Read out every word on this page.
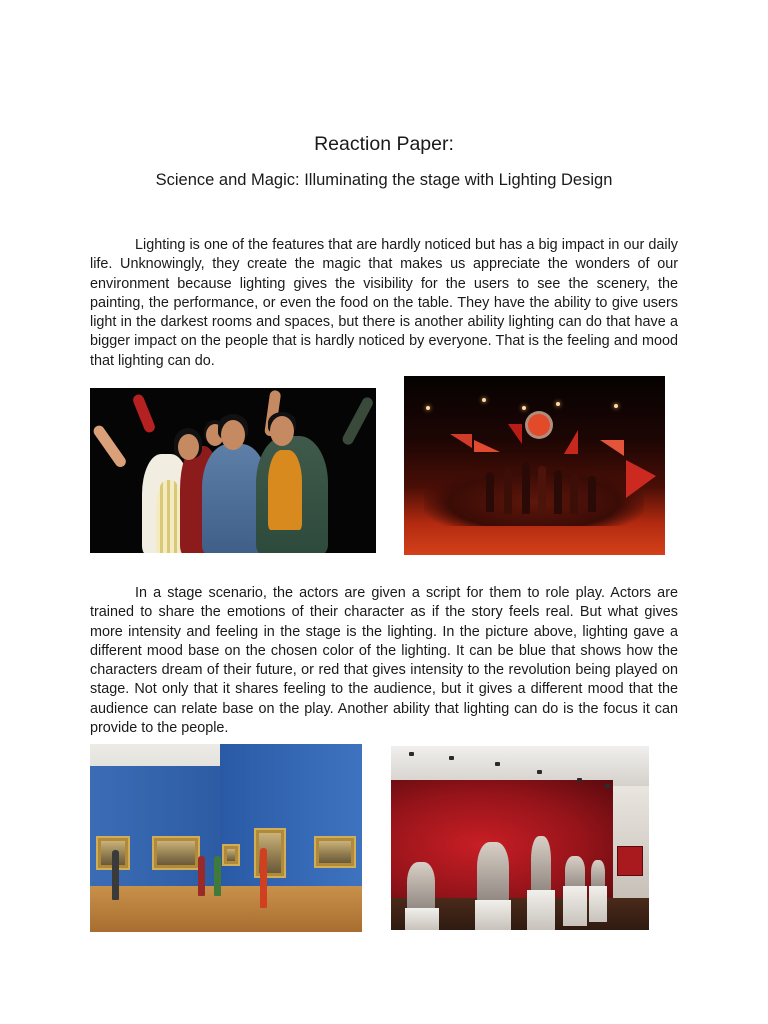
Reaction Paper:
Science and Magic: Illuminating the stage with Lighting Design

Lighting is one of the features that are hardly noticed but has a big impact in our daily life. Unknowingly, they create the magic that makes us appreciate the wonders of our environment because lighting gives the visibility for the users to see the scenery, the painting, the performance, or even the food on the table. They have the ability to give users light in the darkest rooms and spaces, but there is another ability lighting can do that have a bigger impact on the people that is hardly noticed by everyone. That is the feeling and mood that lighting can do.

In a stage scenario, the actors are given a script for them to role play. Actors are trained to share the emotions of their character as if the story feels real. But what gives more intensity and feeling in the stage is the lighting. In the picture above, lighting gave a different mood base on the chosen color of the lighting. It can be blue that shows how the characters dream of their future, or red that gives intensity to the revolution being played on stage. Not only that it shares feeling to the audience, but it gives a different mood that the audience can relate base on the play. Another ability that lighting can do is the focus it can provide to the people.
